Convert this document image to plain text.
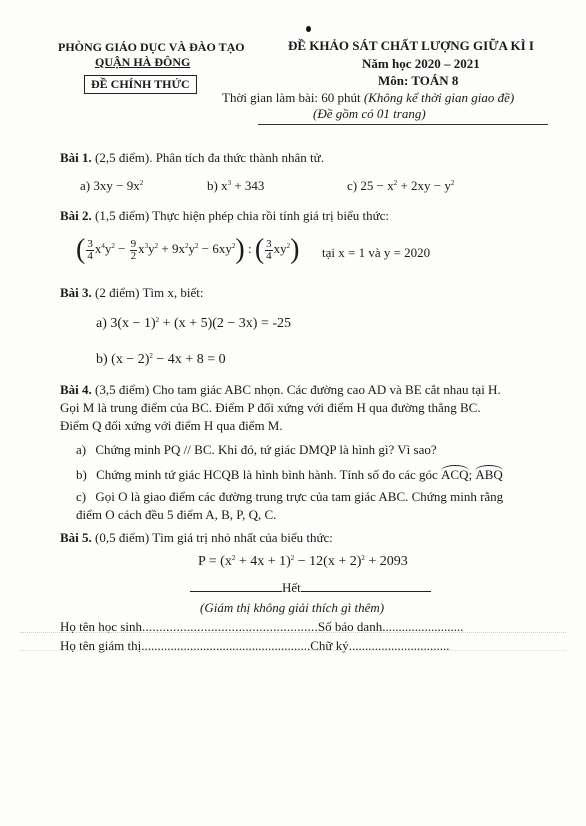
PHÒNG GIÁO DỤC VÀ ĐÀO TẠO
QUẬN HÀ ĐÔNG
ĐỀ CHÍNH THỨC
ĐỀ KHẢO SÁT CHẤT LƯỢNG GIỮA KÌ I
Năm học 2020 – 2021
Môn: TOÁN 8
Thời gian làm bài: 60 phút (Không kể thời gian giao đề)
(Đề gồm có 01 trang)
Bài 1. (2,5 điểm). Phân tích đa thức thành nhân tử.
a) $3xy - 9x^2$	b) $x^3 + 343$	c) $25 - x^2 + 2xy - y^2$
Bài 2. (1,5 điểm) Thực hiện phép chia rồi tính giá trị biểu thức:
( $\frac{3}{4} x^4y^2 - \frac{9}{2} x^3y^2 + 9x^2y^2 - 6xy^2$) : ( $\frac{3}{4} xy^2$) tại x = 1 và y = 2020
Bài 3. (2 điểm) Tìm x, biết:
a) $3(x - 1)^2 + (x + 5)(2 - 3x) = -25$
b) $(x - 2)^2 - 4x + 8 = 0$
Bài 4. (3,5 điểm) Cho tam giác ABC nhọn. Các đường cao AD và BE cắt nhau tại H.
Gọi M là trung điểm của BC. Điểm P đối xứng với điểm H qua đường thẳng BC.
Điểm Q đối xứng với điểm H qua điểm M.
a) Chứng minh PQ // BC. Khi đó, tứ giác DMQP là hình gì? Vì sao?
b) Chứng minh tứ giác HCQB là hình bình hành. Tính số đo các góc ACQ; ABQ
c) Gọi O là giao điểm các đường trung trực của tam giác ABC. Chứng minh rằng
điểm O cách đều 5 điểm A, B, P, Q, C.
Bài 5. (0,5 điểm) Tìm giá trị nhỏ nhất của biểu thức:
$P = (x^2 + 4x + 1)^2 - 12(x + 2)^2 + 2093$
Hết
(Giám thị không giải thích gì thêm)
Họ tên học sinh...................................................Số báo danh.........................
Họ tên giám thị....................................................Chữ ký...............................
